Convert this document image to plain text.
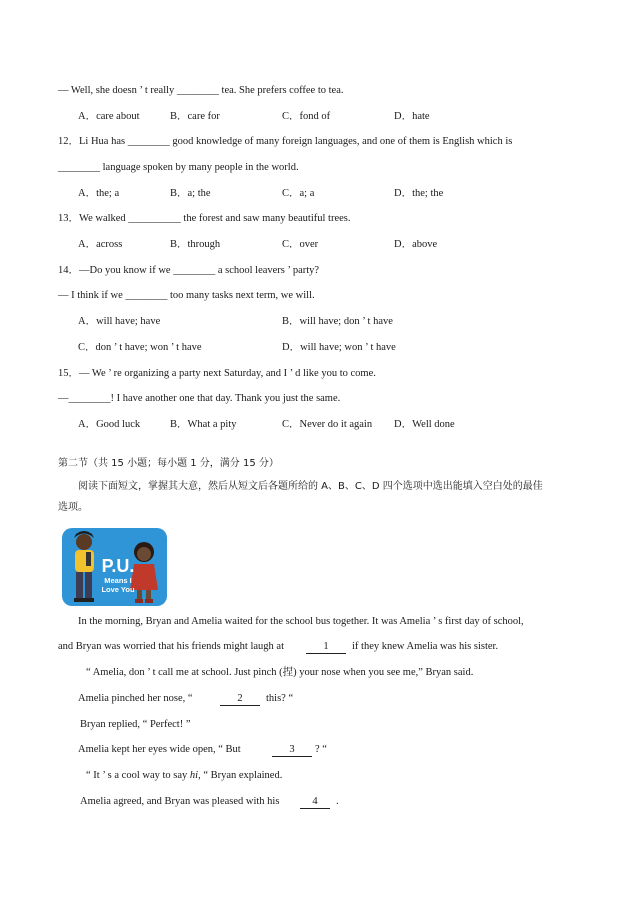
— Well, she doesn ’ t really ________ tea. She prefers coffee to tea.
A．care about	B．care for	C．fond of	D．hate
12．Li Hua has ________ good knowledge of many foreign languages, and one of them is English which is
________ language spoken by many people in the world.
A．the; a	B．a; the	C．a; a	D．the; the
13．We walked __________ the forest and saw many beautiful trees.
A．across	B．through	C．over	D．above
14．—Do you know if we ________ a school leavers ’ party?
— I think if we ________ too many tasks next term, we will.
A．will have; have	B．will have; don ’ t have
C．don ’ t have; won ’ t have	D．will have; won ’ t have
15．— We ’ re organizing a party next Saturday, and I ’ d like you to come.
—________! I have another one that day. Thank you just the same.
A．Good luck	B．What a pity	C．Never do it again D．Well done
第二节（共 15 小题；每小题 1 分，满分 15 分）
阅读下面短文，掌握其大意，然后从短文后各题所给的 A、B、C、D 四个选项中选出能填入空白处的最佳
选项。
P.U.
Means I
Love You
In the morning, Bryan and Amelia waited for the school bus together. It was Amelia ’ s first day of school,
and Bryan was worried that his friends might laugh at	1	if they knew Amelia was his sister.
“ Amelia, don ’ t call me at school. Just pinch (捏) your nose when you see me,” Bryan said.
Amelia pinched her nose, “	2	this? “
Bryan replied, “ Perfect! ”
Amelia kept her eyes wide open, “ But	3	? “
“ It ’ s a cool way to say hi, “ Bryan explained.
Amelia agreed, and Bryan was pleased with his	4	.
